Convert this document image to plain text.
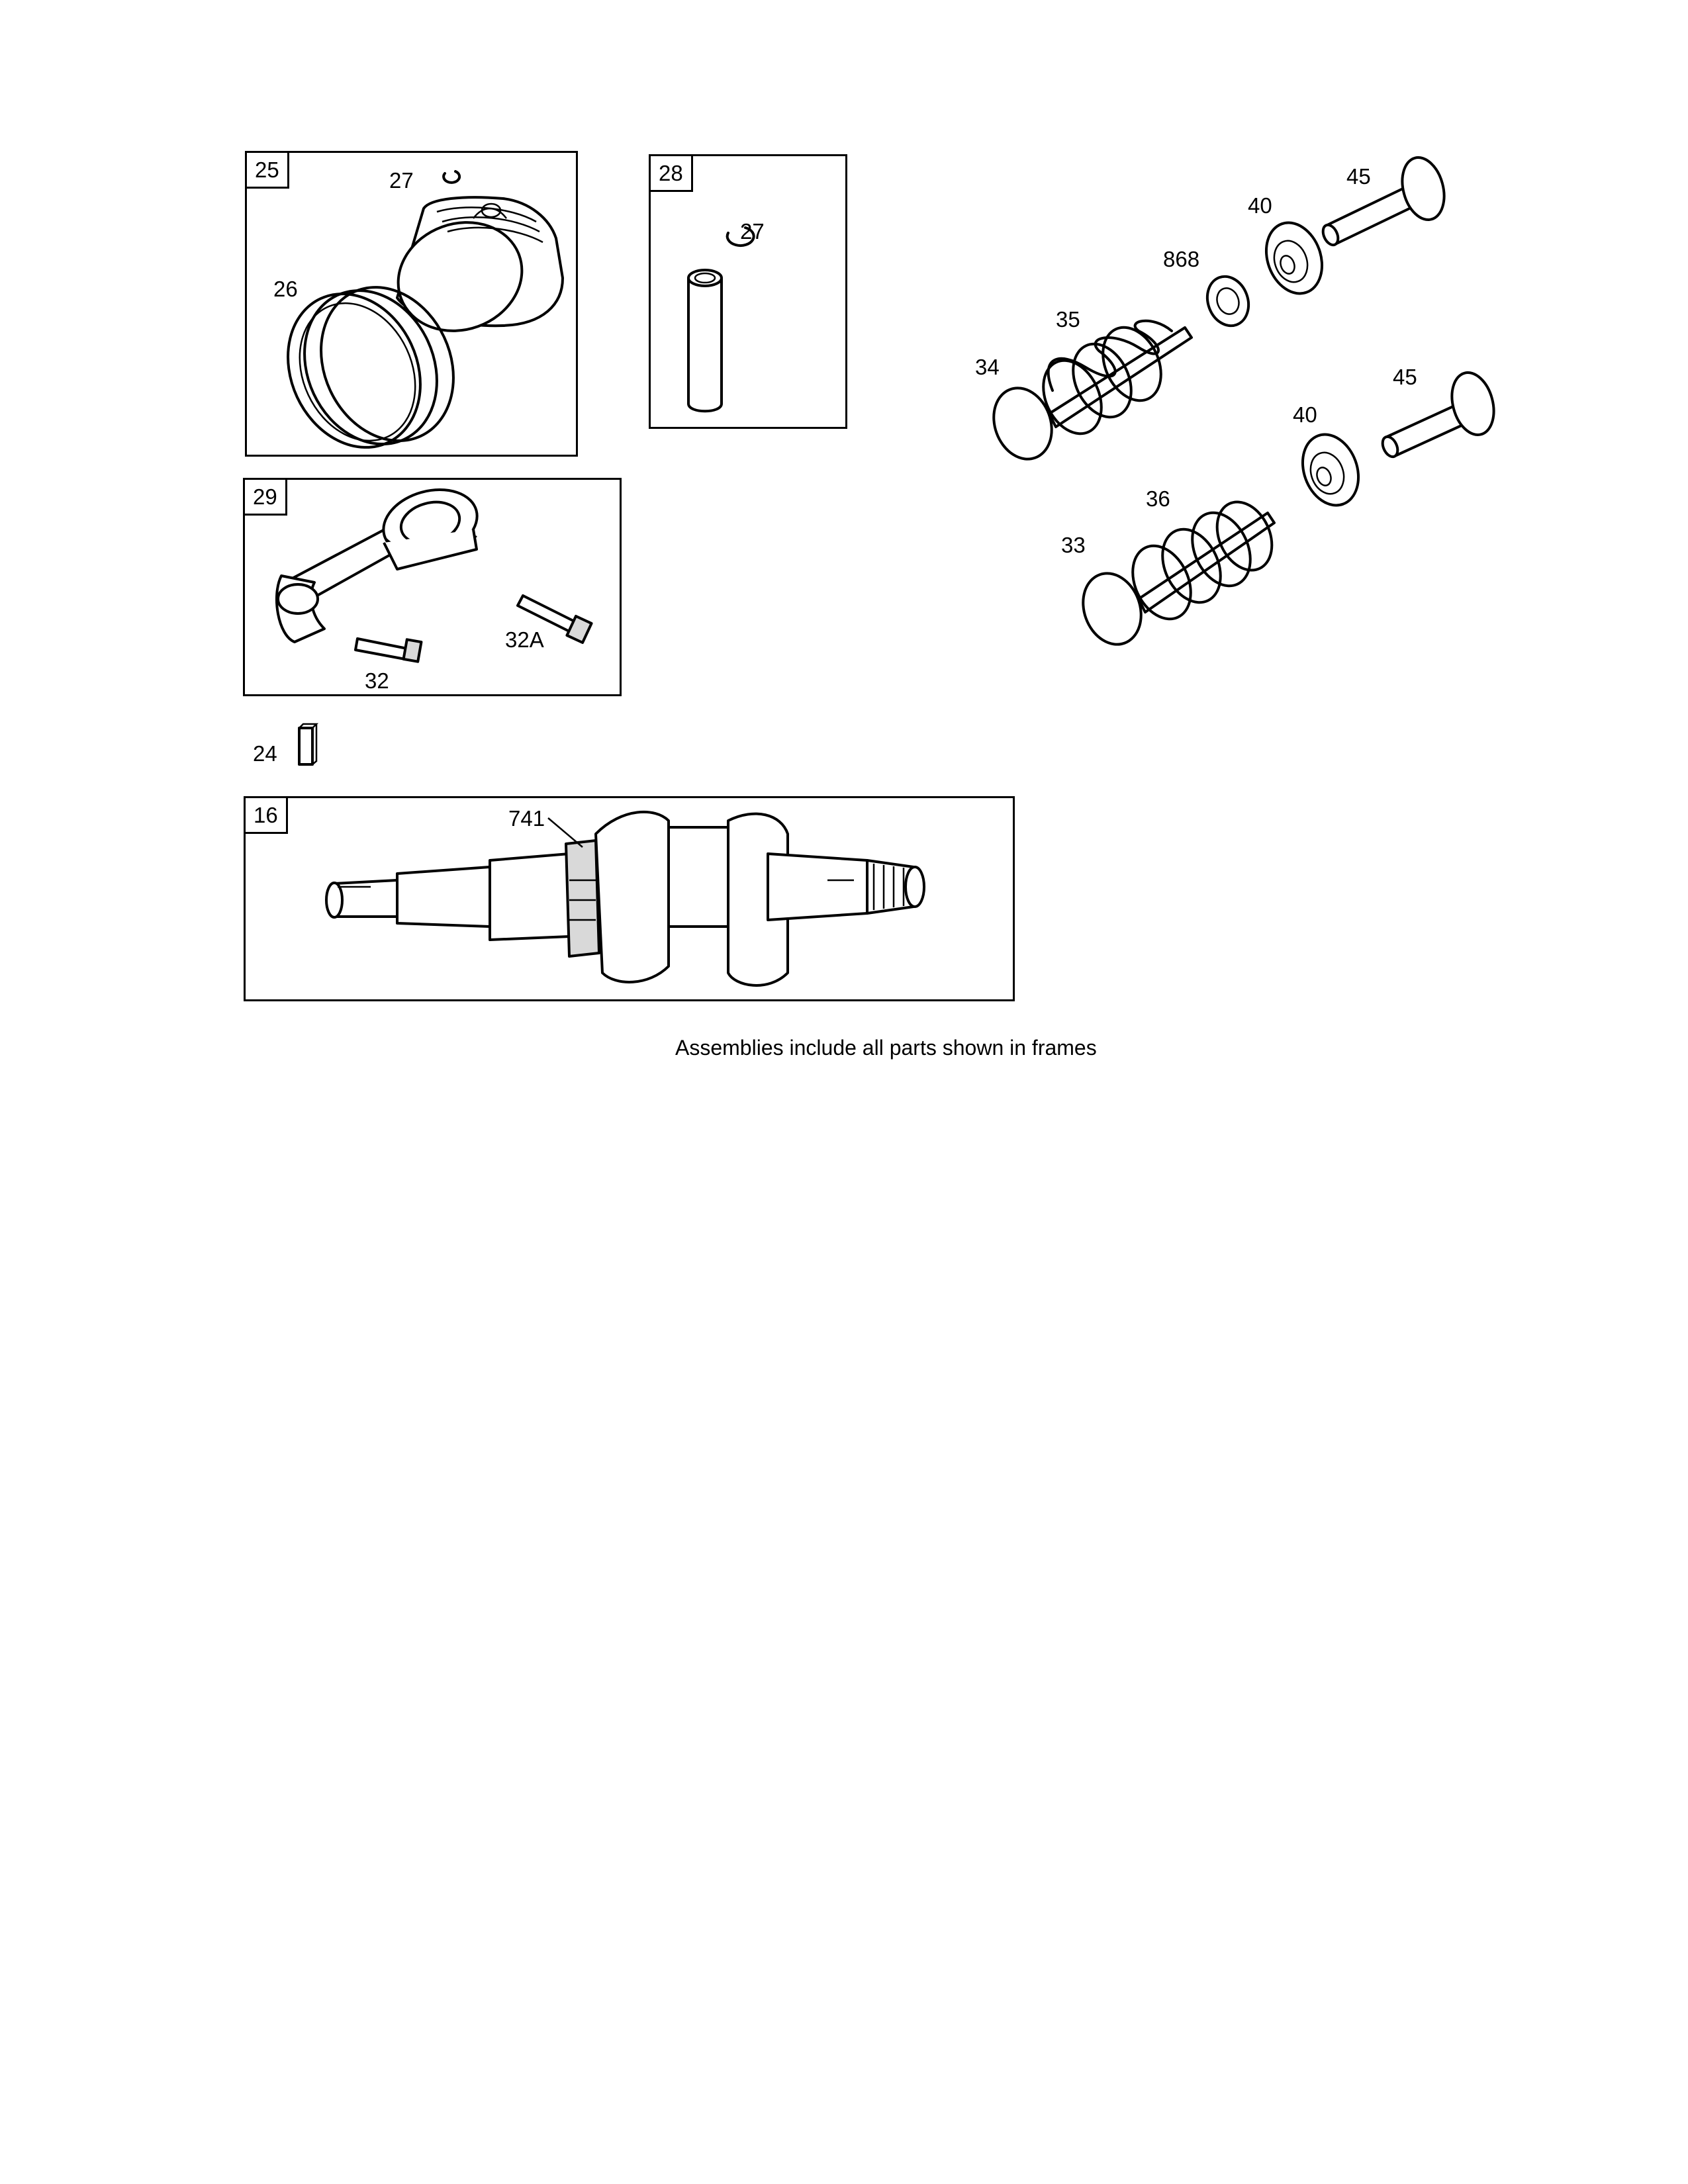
25	28
29
16
27
26
27
32
32A
24
741
45
40
868
35
34	45
40
36
33
Assemblies include all parts shown in frames
